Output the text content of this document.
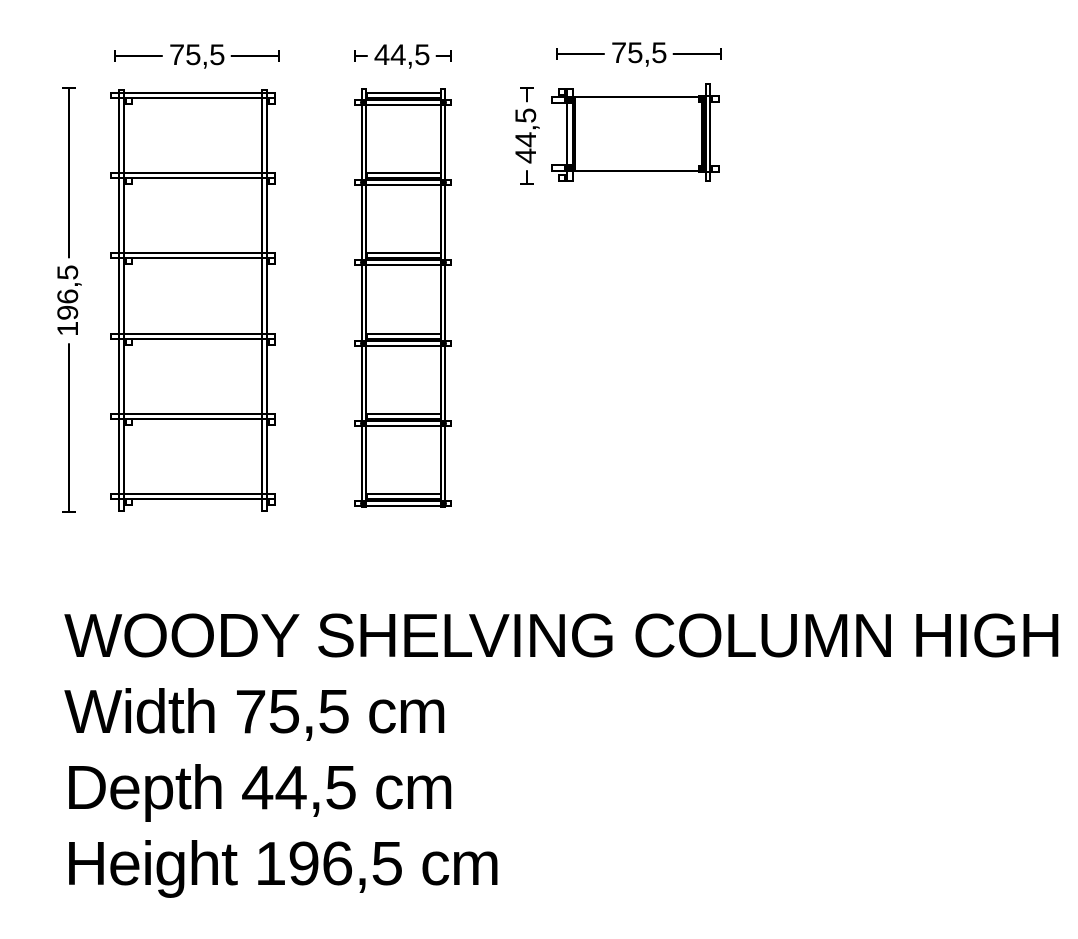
75,5
196,5
44,5	75,5
44,5
WOODY SHELVING COLUMN HIGH
Width 75,5 cm
Depth 44,5 cm
Height 196,5 cm
